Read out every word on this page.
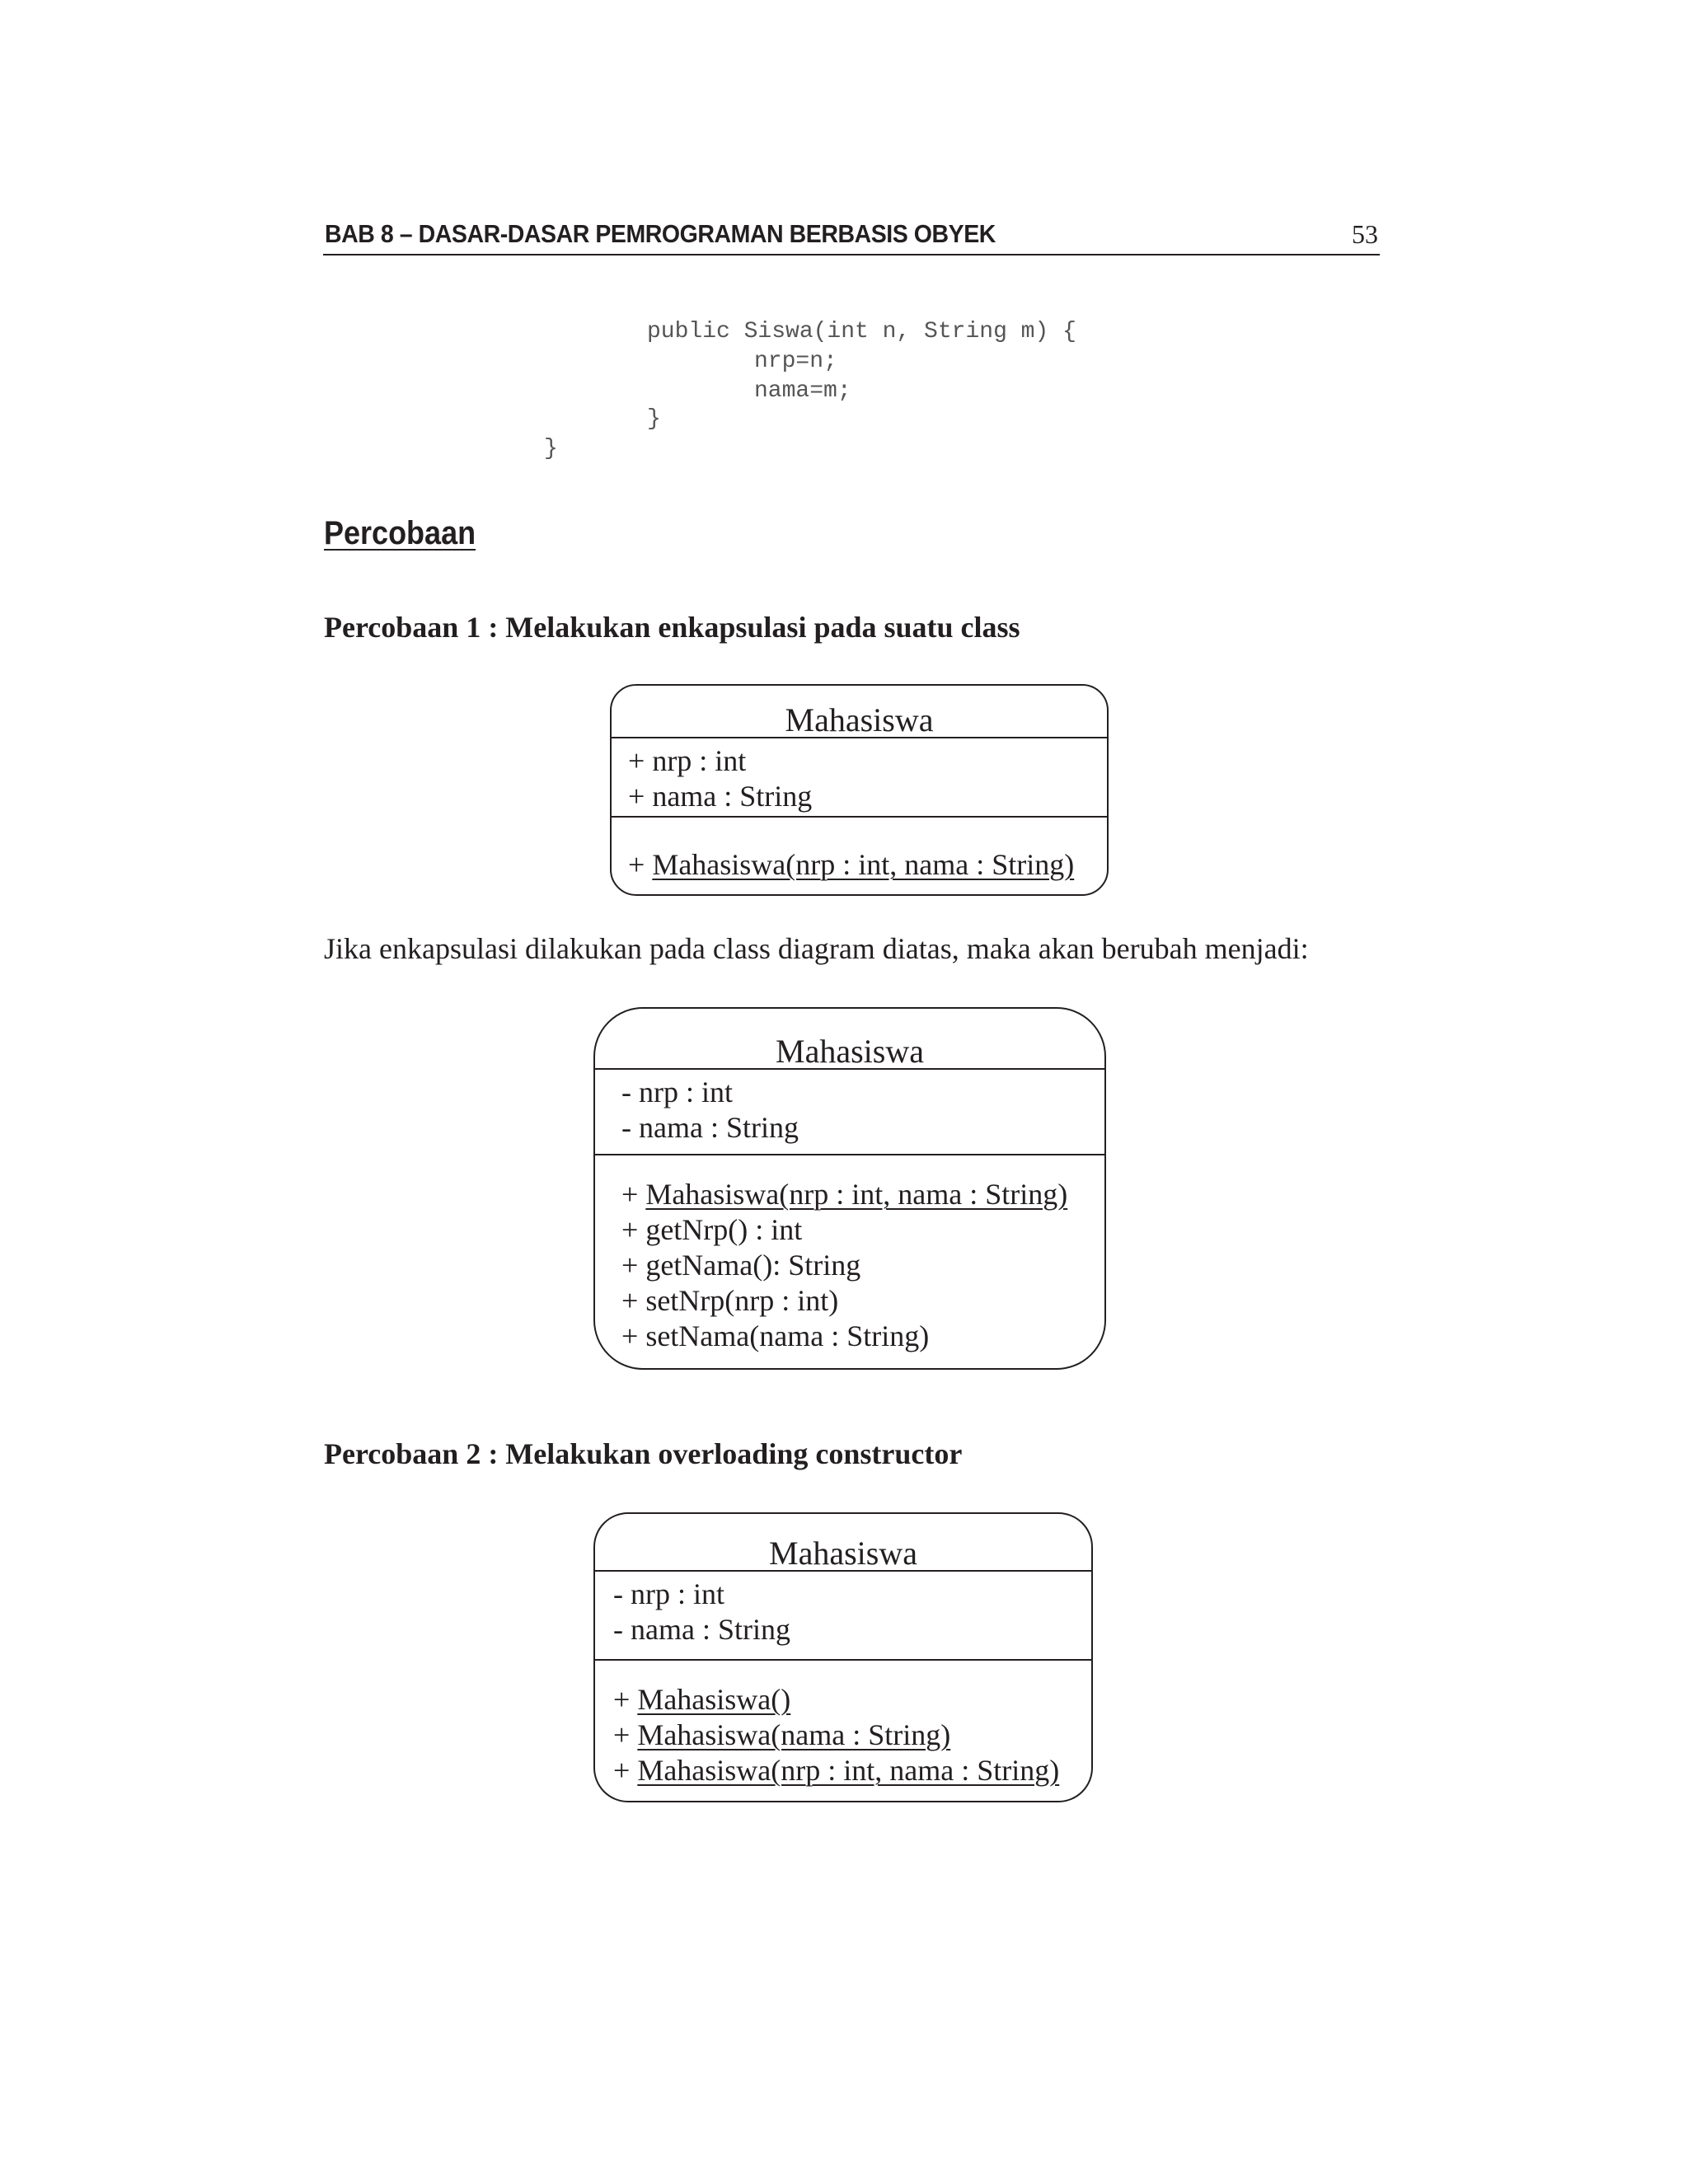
BAB 8 – DASAR-DASAR PEMROGRAMAN BERBASIS OBYEK	53
public Siswa(int n, String m) {
nrp=n;
nama=m;
}
}
Percobaan
Percobaan 1 : Melakukan enkapsulasi pada suatu class
Mahasiswa
+ nrp : int
+ nama : String
+ Mahasiswa(nrp : int, nama : String)
Jika enkapsulasi dilakukan pada class diagram diatas, maka akan berubah menjadi:
Mahasiswa
- nrp : int
- nama : String
+ Mahasiswa(nrp : int, nama : String)
+ getNrp() : int
+ getNama(): String
+ setNrp(nrp : int)
+ setNama(nama : String)
Percobaan 2 : Melakukan overloading constructor
Mahasiswa
- nrp : int
- nama : String
+ Mahasiswa()
+ Mahasiswa(nama : String)
+ Mahasiswa(nrp : int, nama : String)
